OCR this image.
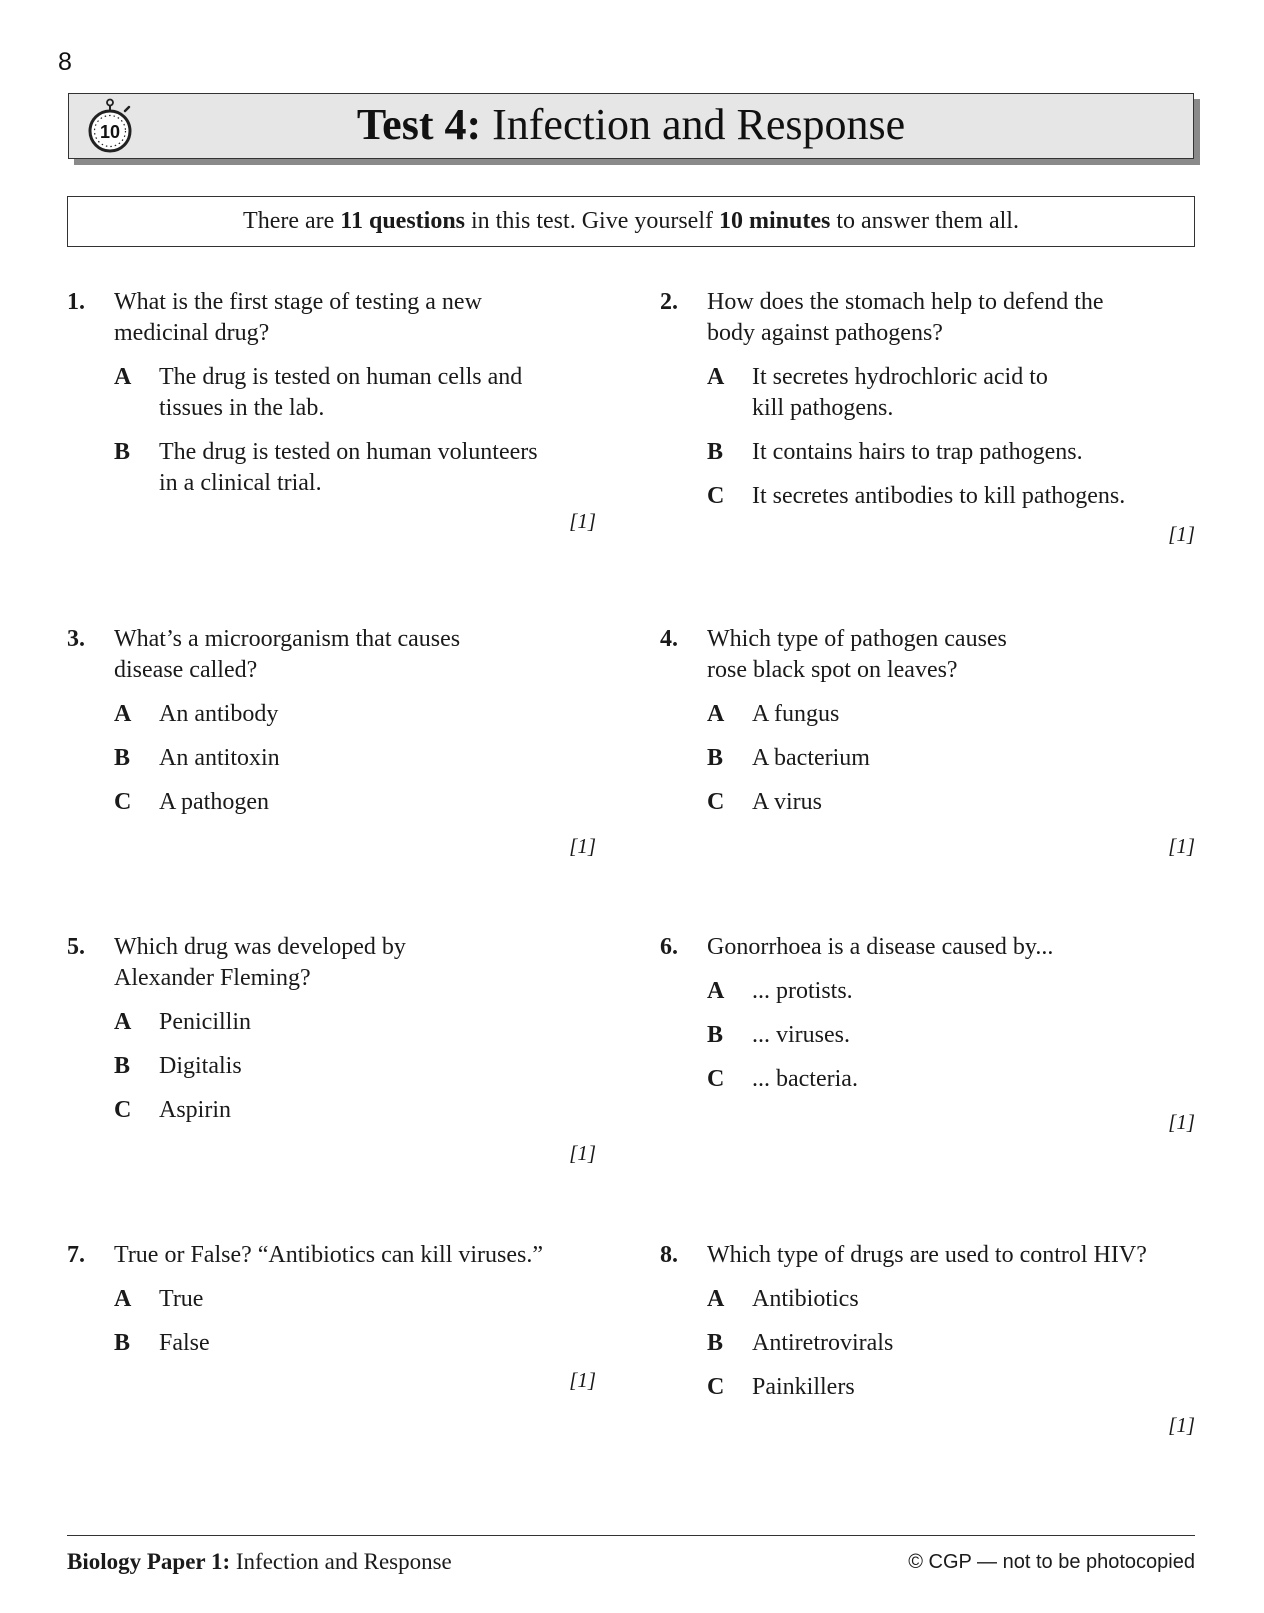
8
10	Test 4: Infection and Response
There are 11 questions in this test. Give yourself 10 minutes to answer them all.
1. What is the first stage of testing a new
medicinal drug?
A The drug is tested on human cells and
tissues in the lab.
B The drug is tested on human volunteers
in a clinical trial.
[1]
2. How does the stomach help to defend the
body against pathogens?
A It secretes hydrochloric acid to
kill pathogens.
B It contains hairs to trap pathogens.
C It secretes antibodies to kill pathogens.
[1]
3. What’s a microorganism that causes
disease called?
A An antibody
B An antitoxin
C A pathogen
[1]
4. Which type of pathogen causes
rose black spot on leaves?
A A fungus
B A bacterium
C A virus
[1]
5. Which drug was developed by
Alexander Fleming?
A Penicillin
B Digitalis
C Aspirin
[1]
6. Gonorrhoea is a disease caused by...
A ... protists.
B ... viruses.
C ... bacteria.
[1]
7. True or False? “Antibiotics can kill viruses.”
A True
B False
[1]
8. Which type of drugs are used to control HIV?
A Antibiotics
B Antiretrovirals
C Painkillers
[1]
Biology Paper 1: Infection and Response	© CGP — not to be photocopied
